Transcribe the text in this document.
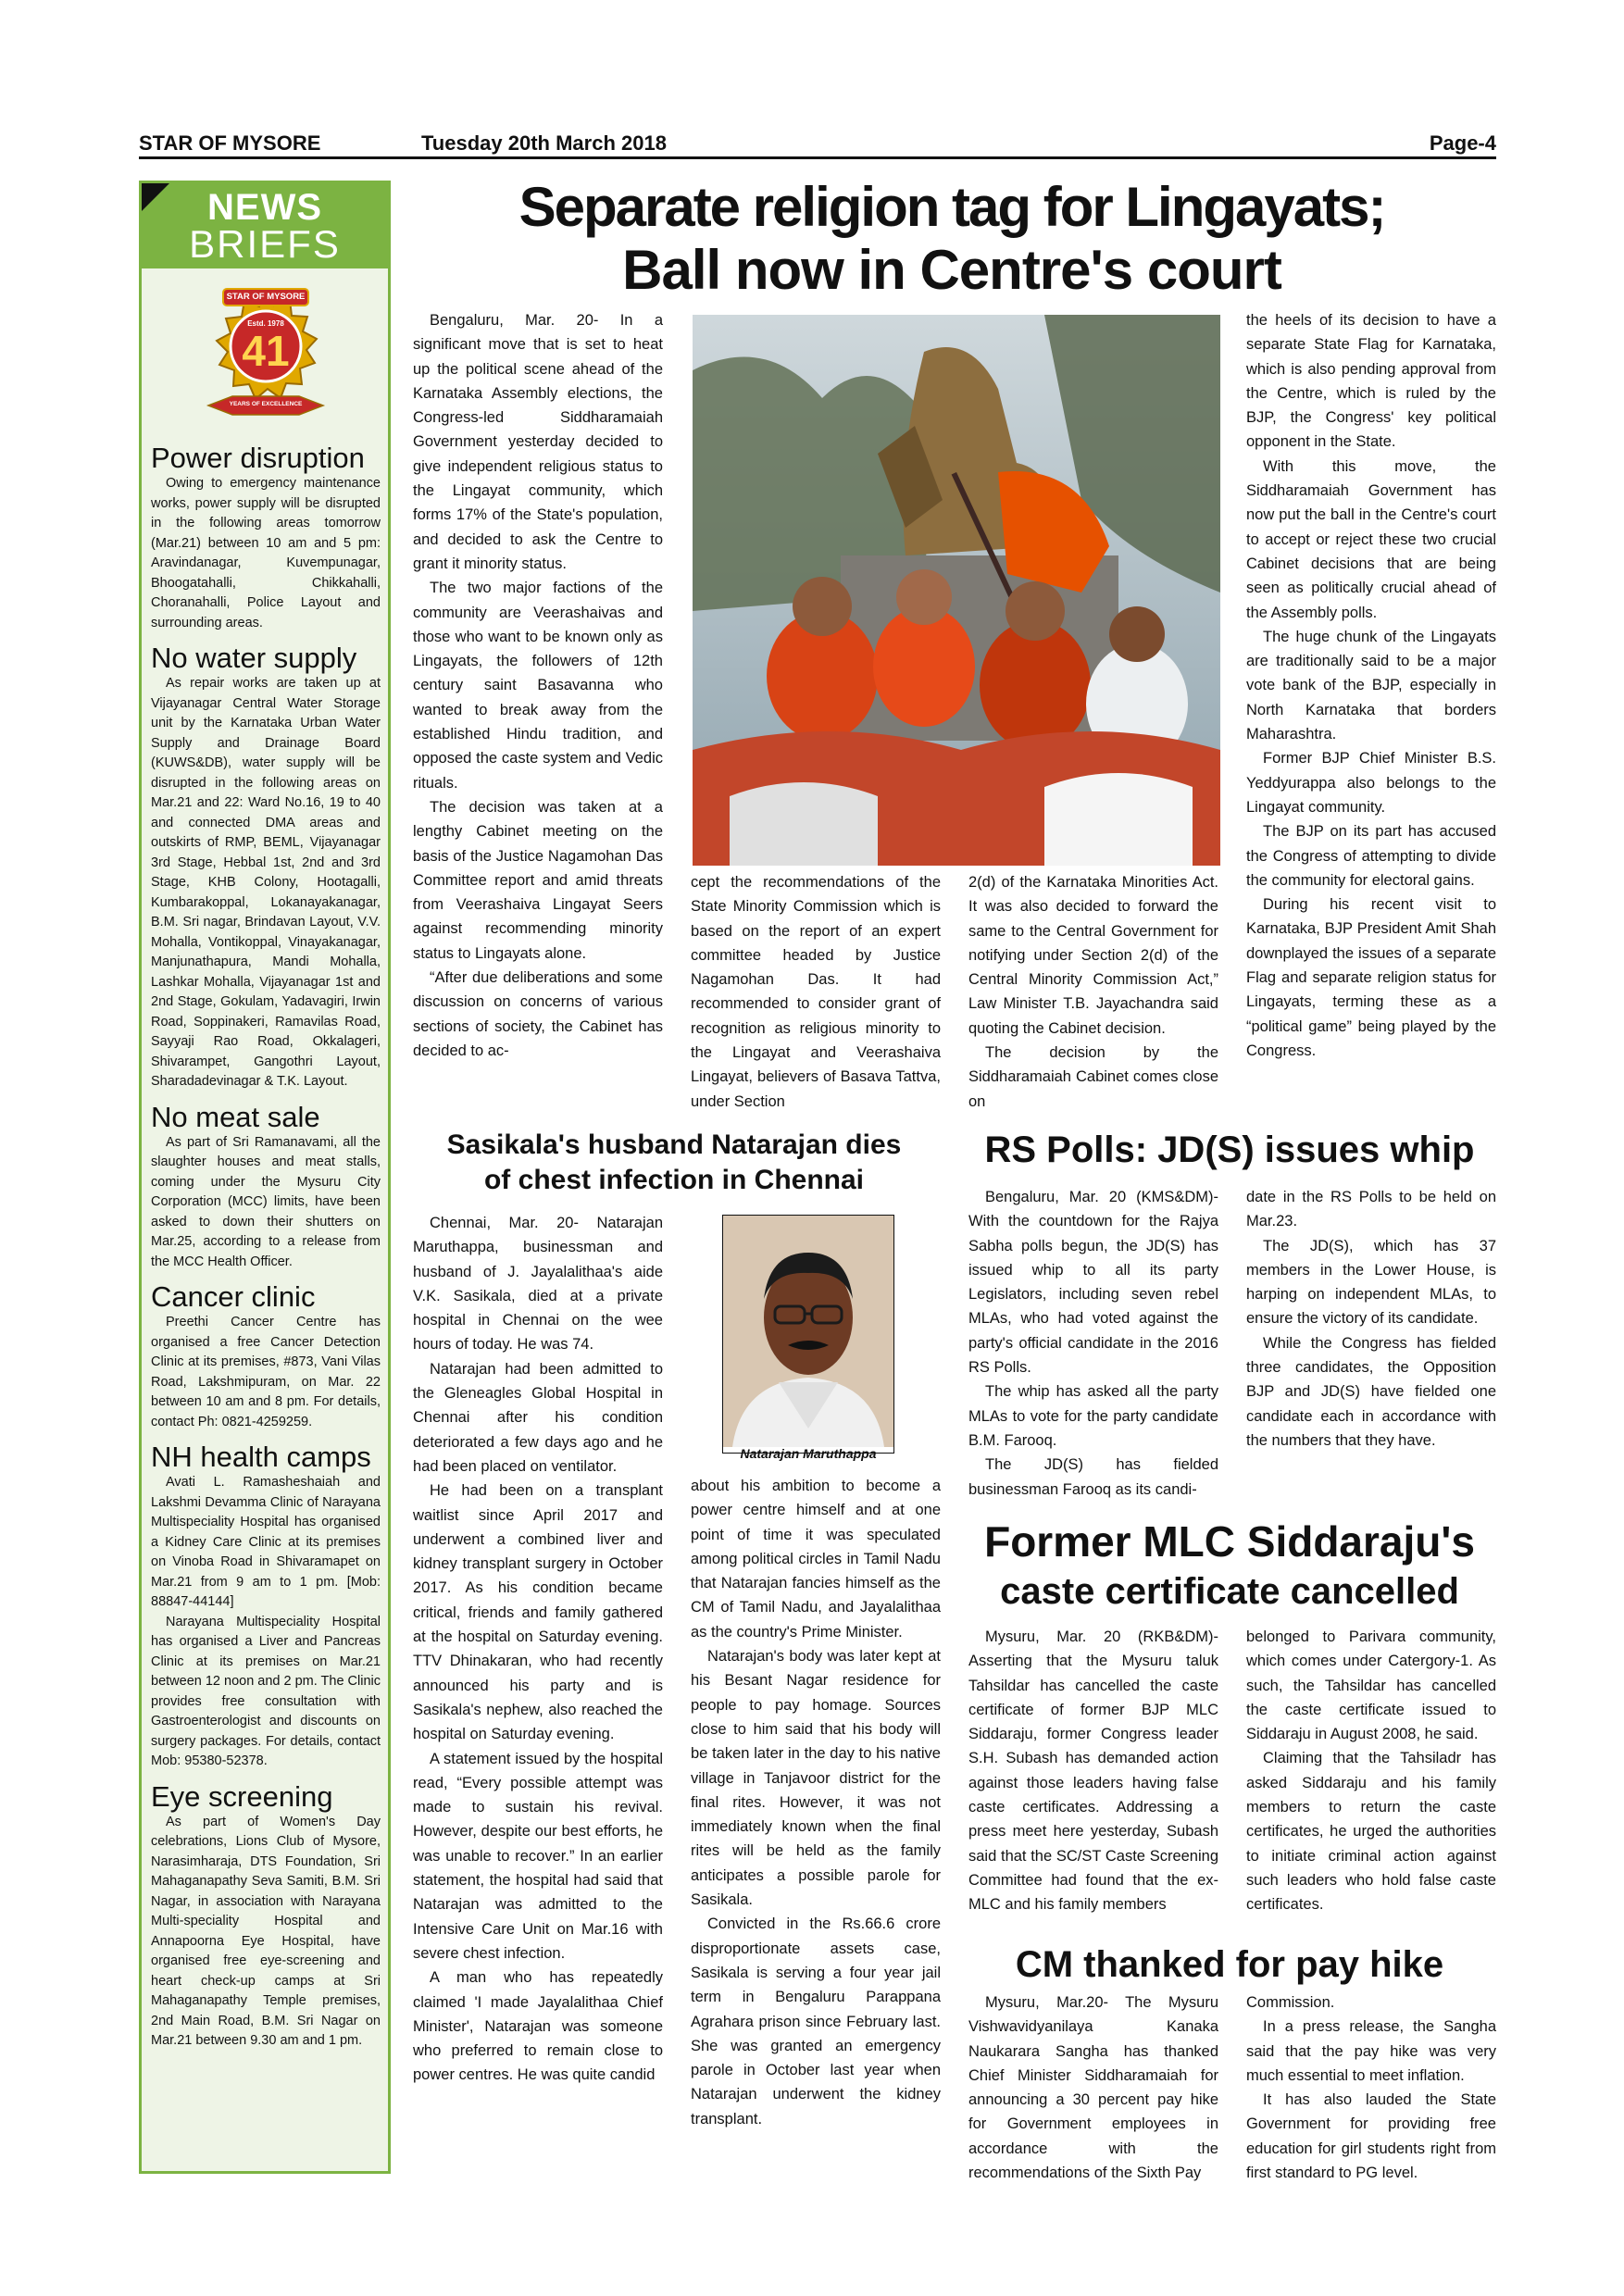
STAR OF MYSORE	Tuesday 20th March 2018	Page-4
NEWS
BRIEFS
STAR OF MYSORE
Estd. 1978
41
YEARS OF EXCELLENCE
Power disruption

Owing to emergency maintenance works, power supply will be disrupted in the following areas tomorrow (Mar.21) between 10 am and 5 pm: Aravindanagar, Kuvempunagar, Bhoogatahalli, Chikkahalli, Choranahalli, Police Layout and surrounding areas.

No water supply

As repair works are taken up at Vijayanagar Central Water Storage unit by the Karnataka Urban Water Supply and Drainage Board (KUWS&DB), water supply will be disrupted in the following areas on Mar.21 and 22: Ward No.16, 19 to 40 and connected DMA areas and outskirts of RMP, BEML, Vijayanagar 3rd Stage, Hebbal 1st, 2nd and 3rd Stage, KHB Colony, Hootagalli, Kumbarakoppal, Lokanayakanagar, B.M. Sri nagar, Brindavan Layout, V.V. Mohalla, Vontikoppal, Vinayakanagar, Manjunathapura, Mandi Mohalla, Lashkar Mohalla, Vijayanagar 1st and 2nd Stage, Gokulam, Yadavagiri, Irwin Road, Soppinakeri, Ramavilas Road, Sayyaji Rao Road, Okkalageri, Shivarampet, Gangothri Layout, Sharadadevinagar & T.K. Layout.

No meat sale

As part of Sri Ramanavami, all the slaughter houses and meat stalls, coming under the Mysuru City Corporation (MCC) limits, have been asked to down their shutters on Mar.25, according to a release from the MCC Health Officer.

Cancer clinic

Preethi Cancer Centre has organised a free Cancer Detection Clinic at its premises, #873, Vani Vilas Road, Lakshmipuram, on Mar. 22 between 10 am and 8 pm. For details, contact Ph: 0821-4259259.

NH health camps

Avati L. Ramasheshaiah and Lakshmi Devamma Clinic of Narayana Multispeciality Hospital has organised a Kidney Care Clinic at its premises on Vinoba Road in Shivaramapet on Mar.21 from 9 am to 1 pm. [Mob: 88847-44144]

Narayana Multispeciality Hospital has organised a Liver and Pancreas Clinic at its premises on Mar.21 between 12 noon and 2 pm. The Clinic provides free consultation with Gastroenterologist and discounts on surgery packages. For details, contact Mob: 95380-52378.

Eye screening

As part of Women's Day celebrations, Lions Club of Mysore, Narasimharaja, DTS Foundation, Sri Mahaganapathy Seva Samiti, B.M. Sri Nagar, in association with Narayana Multi-speciality Hospital and Annapoorna Eye Hospital, have organised free eye-screening and heart check-up camps at Sri Mahaganapathy Temple premises, 2nd Main Road, B.M. Sri Nagar on Mar.21 between 9.30 am and 1 pm.

Separate religion tag for Lingayats;
Ball now in Centre's court

Bengaluru, Mar. 20- In a significant move that is set to heat up the political scene ahead of the Karnataka Assembly elections, the Congress-led Siddharamaiah Government yesterday decided to give independent religious status to the Lingayat community, which forms 17% of the State's population, and decided to ask the Centre to grant it minority status.

The two major factions of the community are Veerashaivas and those who want to be known only as Lingayats, the followers of 12th century saint Basavanna who wanted to break away from the established Hindu tradition, and opposed the caste system and Vedic rituals.

The decision was taken at a lengthy Cabinet meeting on the basis of the Justice Nagamohan Das Committee report and amid threats from Veerashaiva Lingayat Seers against recommending minority status to Lingayats alone.

“After due deliberations and some discussion on concerns of various sections of society, the Cabinet has decided to ac-

cept the recommendations of the State Minority Commission which is based on the report of an expert committee headed by Justice Nagamohan Das. It had recommended to consider grant of recognition as religious minority to the Lingayat and Veerashaiva Lingayat, believers of Basava Tattva, under Section

2(d) of the Karnataka Minorities Act. It was also decided to forward the same to the Central Government for notifying under Section 2(d) of the Central Minority Commission Act,” Law Minister T.B. Jayachandra said quoting the Cabinet decision.

The decision by the Siddharamaiah Cabinet comes close on

the heels of its decision to have a separate State Flag for Karnataka, which is also pending approval from the Centre, which is ruled by the BJP, the Congress' key political opponent in the State.

With this move, the Siddharamaiah Government has now put the ball in the Centre's court to accept or reject these two crucial Cabinet decisions that are being seen as politically crucial ahead of the Assembly polls.

The huge chunk of the Lingayats are traditionally said to be a major vote bank of the BJP, especially in North Karnataka that borders Maharashtra.

Former BJP Chief Minister B.S. Yeddyurappa also belongs to the Lingayat community.

The BJP on its part has accused the Congress of attempting to divide the community for electoral gains.

During his recent visit to Karnataka, BJP President Amit Shah downplayed the issues of a separate Flag and separate religion status for Lingayats, terming these as a “political game” being played by the Congress.

Sasikala's husband Natarajan dies
of chest infection in Chennai

Chennai, Mar. 20- Natarajan Maruthappa, businessman and husband of J. Jayalalithaa's aide V.K. Sasikala, died at a private hospital in Chennai on the wee hours of today. He was 74.

Natarajan had been admitted to the Gleneagles Global Hospital in Chennai after his condition deteriorated a few days ago and he had been placed on ventilator.

He had been on a transplant waitlist since April 2017 and underwent a combined liver and kidney transplant surgery in October 2017. As his condition became critical, friends and family gathered at the hospital on Saturday evening. TTV Dhinakaran, who had recently announced his party and is Sasikala's nephew, also reached the hospital on Saturday evening.

A statement issued by the hospital read, “Every possible attempt was made to sustain his revival. However, despite our best efforts, he was unable to recover.” In an earlier statement, the hospital had said that Natarajan was admitted to the Intensive Care Unit on Mar.16 with severe chest infection.

A man who has repeatedly claimed 'I made Jayalalithaa Chief Minister', Natarajan was someone who preferred to remain close to power centres. He was quite candid

Natarajan Maruthappa

about his ambition to become a power centre himself and at one point of time it was speculated among political circles in Tamil Nadu that Natarajan fancies himself as the CM of Tamil Nadu, and Jayalalithaa as the country's Prime Minister.

Natarajan's body was later kept at his Besant Nagar residence for people to pay homage. Sources close to him said that his body will be taken later in the day to his native village in Tanjavoor district for the final rites. However, it was not immediately known when the final rites will be held as the family anticipates a possible parole for Sasikala.

Convicted in the Rs.66.6 crore disproportionate assets case, Sasikala is serving a four year jail term in Bengaluru Parappana Agrahara prison since February last. She was granted an emergency parole in October last year when Natarajan underwent the kidney transplant.

RS Polls: JD(S) issues whip

Bengaluru, Mar. 20 (KMS&DM)- With the countdown for the Rajya Sabha polls begun, the JD(S) has issued whip to all its party Legislators, including seven rebel MLAs, who had voted against the party's official candidate in the 2016 RS Polls.

The whip has asked all the party MLAs to vote for the party candidate B.M. Farooq.

The JD(S) has fielded businessman Farooq as its candi-

date in the RS Polls to be held on Mar.23.

The JD(S), which has 37 members in the Lower House, is harping on independent MLAs, to ensure the victory of its candidate.

While the Congress has fielded three candidates, the Opposition BJP and JD(S) have fielded one candidate each in accordance with the numbers that they have.

Former MLC Siddaraju's
caste certificate cancelled

Mysuru, Mar. 20 (RKB&DM)- Asserting that the Mysuru taluk Tahsildar has cancelled the caste certificate of former BJP MLC Siddaraju, former Congress leader S.H. Subash has demanded action against those leaders having false caste certificates. Addressing a press meet here yesterday, Subash said that the SC/ST Caste Screening Committee had found that the ex-MLC and his family members

belonged to Parivara community, which comes under Catergory-1. As such, the Tahsildar has cancelled the caste certificate issued to Siddaraju in August 2008, he said.

Claiming that the Tahsiladr has asked Siddaraju and his family members to return the caste certificates, he urged the authorities to initiate criminal action against such leaders who hold false caste certificates.

CM thanked for pay hike

Mysuru, Mar.20- The Mysuru Vishwavidyanilaya Kanaka Naukarara Sangha has thanked Chief Minister Siddharamaiah for announcing a 30 percent pay hike for Government employees in accordance with the recommendations of the Sixth Pay

Commission.

In a press release, the Sangha said that the pay hike was very much essential to meet inflation.

It has also lauded the State Government for providing free education for girl students right from first standard to PG level.
